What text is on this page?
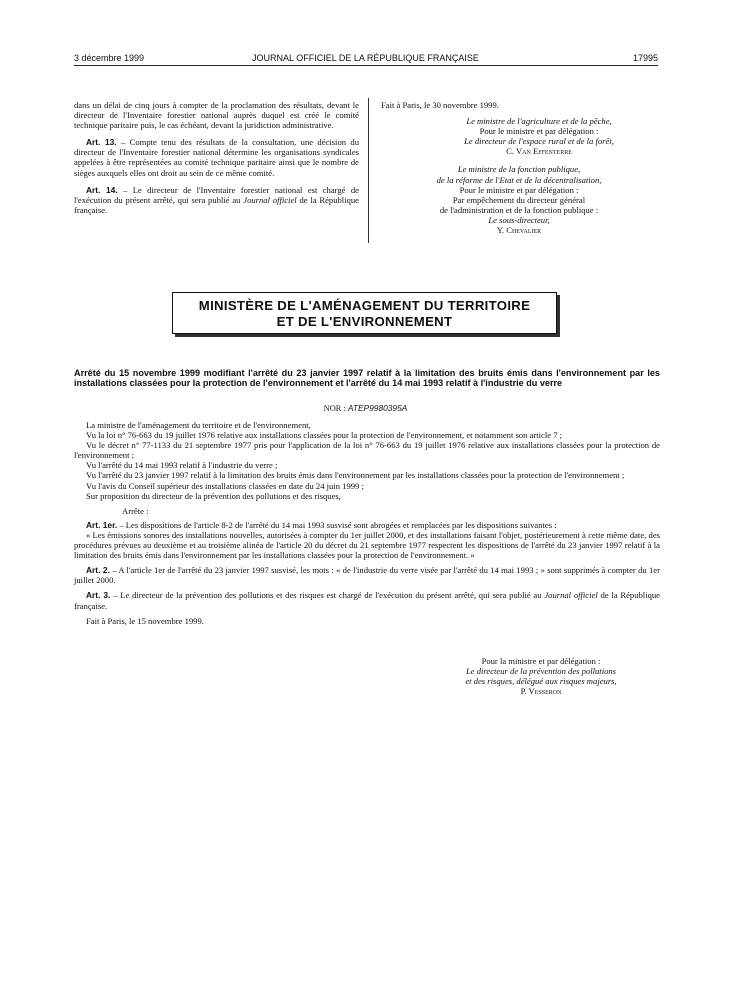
JOURNAL OFFICIEL DE LA RÉPUBLIQUE FRANÇAISE
3 décembre 1999	17995

dans un délai de cinq jours à compter de la proclamation des résultats, devant le directeur de l'Inventaire forestier national auprès duquel est créé le comité technique paritaire puis, le cas échéant, devant la juridiction administrative.

Art. 13. – Compte tenu des résultats de la consultation, une décision du directeur de l'Inventaire forestier national détermine les organisations syndicales appelées à être représentées au comité technique paritaire ainsi que le nombre de sièges auxquels elles ont droit au sein de ce même comité.

Art. 14. – Le directeur de l'Inventaire forestier national est chargé de l'exécution du présent arrêté, qui sera publié au Journal officiel de la République française.

Fait à Paris, le 30 novembre 1999.

Le ministre de l'agriculture et de la pêche,
Pour le ministre et par délégation :
Le directeur de l'espace rural et de la forêt,
C. Van Effenterre
Le ministre de la fonction publique,
de la réforme de l'Etat et de la décentralisation,
Pour le ministre et par délégation :
Par empêchement du directeur général
de l'administration et de la fonction publique :
Le sous-directeur,
Y. Chevalier
MINISTÈRE DE L'AMÉNAGEMENT DU TERRITOIRE
ET DE L'ENVIRONNEMENT
Arrêté du 15 novembre 1999 modifiant l'arrêté du 23 janvier 1997 relatif à la limitation des bruits émis dans l'environnement par les installations classées pour la protection de l'environnement et l'arrêté du 14 mai 1993 relatif à l'industrie du verre
NOR : ATEP9980395A

La ministre de l'aménagement du territoire et de l'environnement,

Vu la loi n° 76-663 du 19 juillet 1976 relative aux installations classées pour la protection de l'environnement, et notamment son article 7 ;

Vu le décret n° 77-1133 du 21 septembre 1977 pris pour l'application de la loi n° 76-663 du 19 juillet 1976 relative aux installations classées pour la protection de l'environnement ;

Vu l'arrêté du 14 mai 1993 relatif à l'industrie du verre ;

Vu l'arrêté du 23 janvier 1997 relatif à la limitation des bruits émis dans l'environnement par les installations classées pour la protection de l'environnement ;

Vu l'avis du Conseil supérieur des installations classées en date du 24 juin 1999 ;

Sur proposition du directeur de la prévention des pollutions et des risques,

Arrête :

Art. 1er. – Les dispositions de l'article 8-2 de l'arrêté du 14 mai 1993 susvisé sont abrogées et remplacées par les dispositions suivantes :

« Les émissions sonores des installations nouvelles, autorisées à compter du 1er juillet 2000, et des installations faisant l'objet, postérieurement à cette même date, des procédures prévues au deuxième et au troisième alinéa de l'article 20 du décret du 21 septembre 1977 respectent les dispositions de l'arrêté du 23 janvier 1997 relatif à la limitation des bruits émis dans l'environnement par les installations classées pour la protection de l'environnement. »

Art. 2. – A l'article 1er de l'arrêté du 23 janvier 1997 susvisé, les mots : « de l'industrie du verre visée par l'arrêté du 14 mai 1993 ; » sont supprimés à compter du 1er juillet 2000.

Art. 3. – Le directeur de la prévention des pollutions et des risques est chargé de l'exécution du présent arrêté, qui sera publié au Journal officiel de la République française.

Fait à Paris, le 15 novembre 1999.

Pour la ministre et par délégation :
Le directeur de la prévention des pollutions
et des risques, délégué aux risques majeurs,
P. Vesseron
